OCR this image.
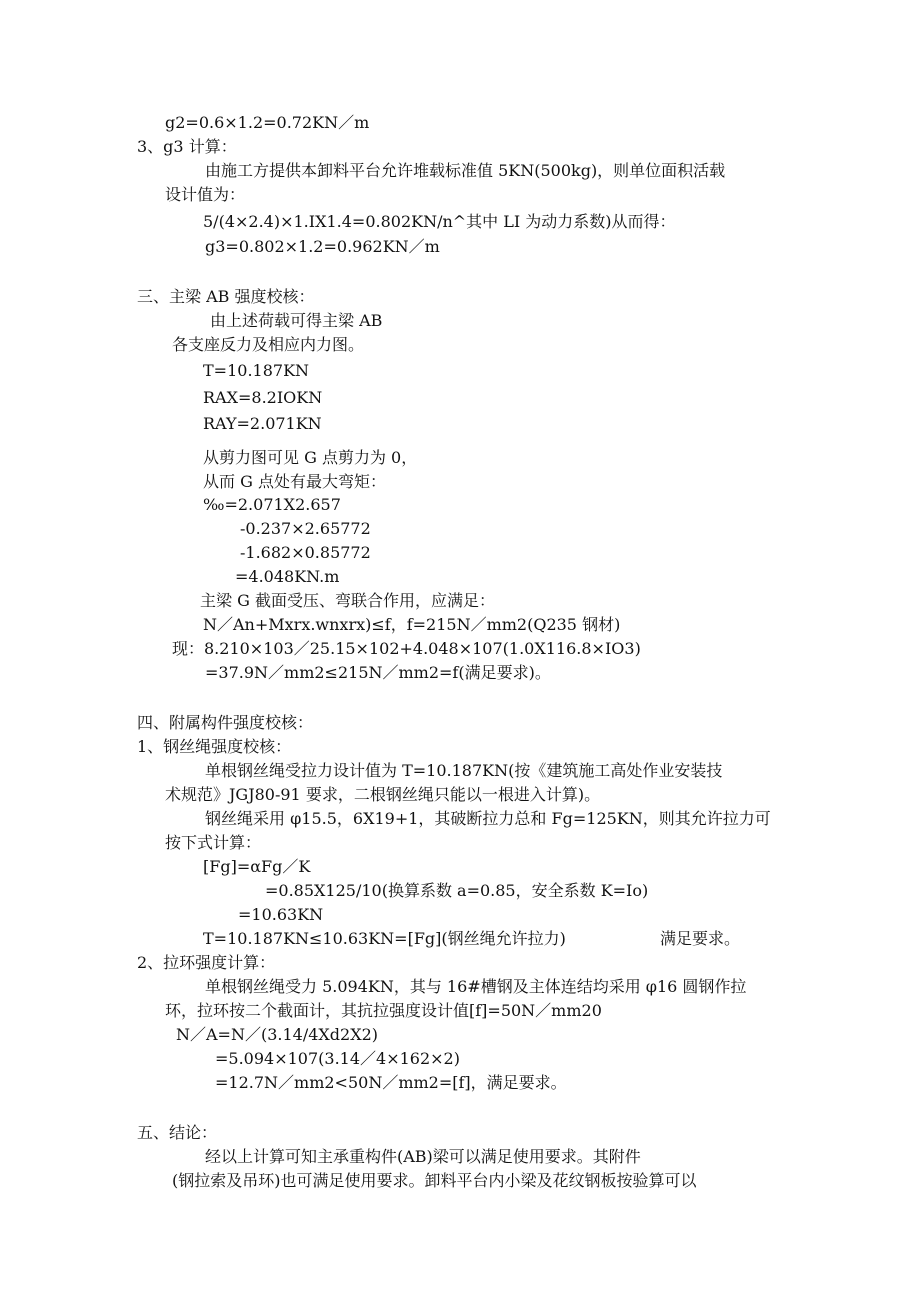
g2=0.6×1.2=0.72KN／m
3、g3 计算：
由施工方提供本卸料平台允许堆载标准值 5KN(500kg)，则单位面积活载
设计值为：
5/(4×2.4)×1.IX1.4=0.802KN/n^其中 LI 为动力系数)从而得：
g3=0.802×1.2=0.962KN／m
三、主梁 AB 强度校核：
由上述荷载可得主梁 AB
各支座反力及相应内力图。
T=10.187KN
RAX=8.2IOKN
RAY=2.071KN
从剪力图可见 G 点剪力为 0，
从而 G 点处有最大弯矩：
‰=2.071X2.657
-0.237×2.65772
-1.682×0.85772
=4.048KN.m
主梁 G 截面受压、弯联合作用，应满足：
N／An+Mxrx.wnxrx)≤f，f=215N／mm2(Q235 钢材)
现：8.210×103／25.15×102+4.048×107(1.0X116.8×IO3)
=37.9N／mm2≤215N／mm2=f(满足要求)。
四、附属构件强度校核：
1、钢丝绳强度校核：
单根钢丝绳受拉力设计值为 T=10.187KN(按《建筑施工高处作业安装技
术规范》JGJ80-91 要求，二根钢丝绳只能以一根进入计算)。
钢丝绳采用 φ15.5，6X19+1，其破断拉力总和 Fg=125KN，则其允许拉力可
按下式计算：
[Fg]=αFg／K
=0.85X125/10(换算系数 a=0.85，安全系数 K=Io)
=10.63KN
T=10.187KN≤10.63KN=[Fg](钢丝绳允许拉力)	满足要求。
2、拉环强度计算：
单根钢丝绳受力 5.094KN，其与 16#槽钢及主体连结均采用 φ16 圆钢作拉
环，拉环按二个截面计，其抗拉强度设计值[f]=50N／mm20
N／A=N／(3.14/4Xd2X2)
=5.094×107(3.14／4×162×2)
=12.7N／mm2<50N／mm2=[f]，满足要求。
五、结论：
经以上计算可知主承重构件(AB)梁可以满足使用要求。其附件
(钢拉索及吊环)也可满足使用要求。卸料平台内小梁及花纹钢板按验算可以
